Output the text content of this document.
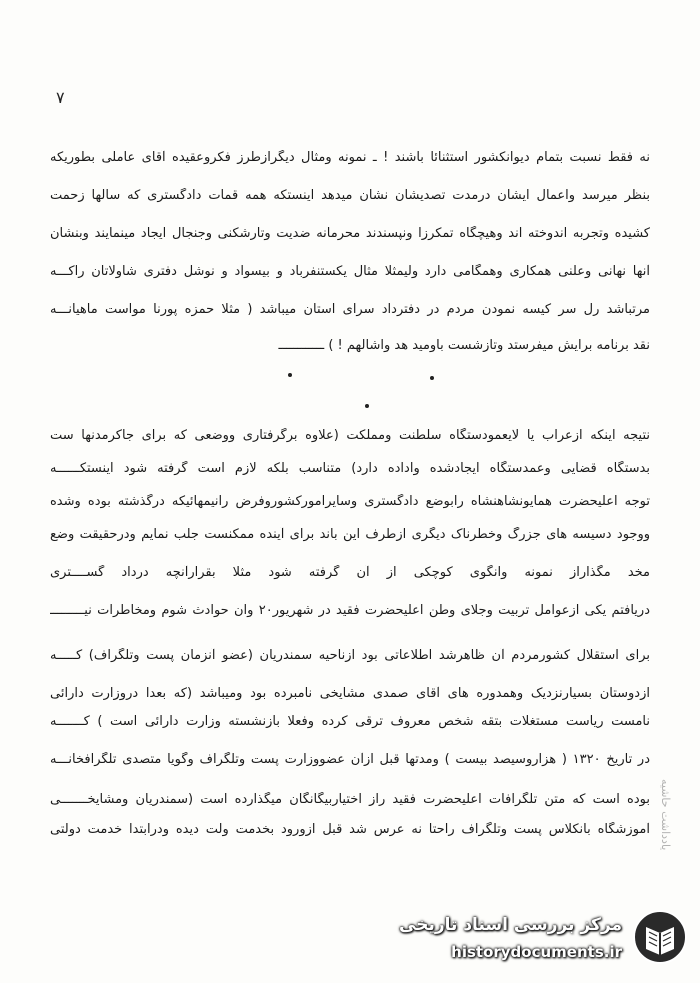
۷
نه فقط نسبت بتمام دیوانکشور استثنائا باشند ! ـ نمونه ومثال دیگرازطرز فکروعقیده آقای عاملی بطوریکه
بنظر میرسد واعمال ایشان درمدت تصدیشان نشان میدهد اینستکه همه قمات دادگستری که سالها زحمت
کشیده وتجربه اندوخته اند وهیچگاه تمکرزا ونپسندند محرمانه ضدیت وتارشکنی وجنجال ایجاد مینمایند وبنشان
آنها نهانی وعلنی همکاری وهمگامی دارد ولیمثلا مثال یکستنفرباد و بیسواد و نوشل دفتری شاولاتان راکـــه
مرتباشد رل سر کیسه نمودن مردم در دفترداد سرای استان میباشد ( مثلا حمزه پورنا مواست ماهیانـــه
نقد برنامه برایش میفرستد وتازشست باومید هد واشالهم ! ) ــــــــــــ
نتیجه اینکه ازعراب یا لایعمودستگاه سلطنت ومملکت (علاوه برگرفتاری ووضعی که برای جاکرمدنها ست
بدستگاه قضایی وعمدستگاه ایجادشده واداده دارد) متناسب بلکه لازم است گرفته شود اینستکــــــه
توجه اعلیحضرت همایونشاهنشاه رابوضع دادگستری وسایرامورکشوروفرض رانیمهائیکه درگذشته بوده وشده
ووجود دسیسه های جزرگ وخطرناک دیگری ازطرف این باند برای آینده ممکنست جلب نمایم ودرحقیقت وضع
مخد مگذاراز نمونه وانگوی کوچکی از آن گرفته شود مثلا بقرارآنچه درداد گســــتری
دریافتم یکی ازعوامل تربیت وجلای وطن اعلیحضرت فقید در شهریور۲۰ وان حوادث شوم ومخاطرات نیـــــــــ
برای استقلال کشورمردم آن ظاهرشد اطلاعاتی بود ازناحیه سمندریان (عضو آنزمان پست وتلگراف) کـــــه
ازدوستان بسیارنزدیک وهمدوره های آقای صمدی مشایخی نامبرده بود ومیباشد (که بعدا دروزارت دارائی
نامست ریاست مستغلات بتقه شخص معروف ترقی کرده وفعلا بازنشسته وزارت دارائی است ) کـــــــه
در تاریخ ۱۳۲۰ ( هزاروسیصد بیست ) ومدتها قبل ازآن عضووزارت پست وتلگراف وگویا متصدی تلگرافخانـــه
بوده است که متن تلگرافات اعلیحضرت فقید راز اختیاربیگانگان میگذارده است (سمندریان ومشایخـــــــی
آموزشگاه بانکلاس پست وتلگراف راحتا نه عرس شد قبل ازورود بخدمت ولت دیده ودرابتدا خدمت دولتی یادداشت حاشیه
مرکز بررسی اسناد تاریخی
historydocuments.ir
